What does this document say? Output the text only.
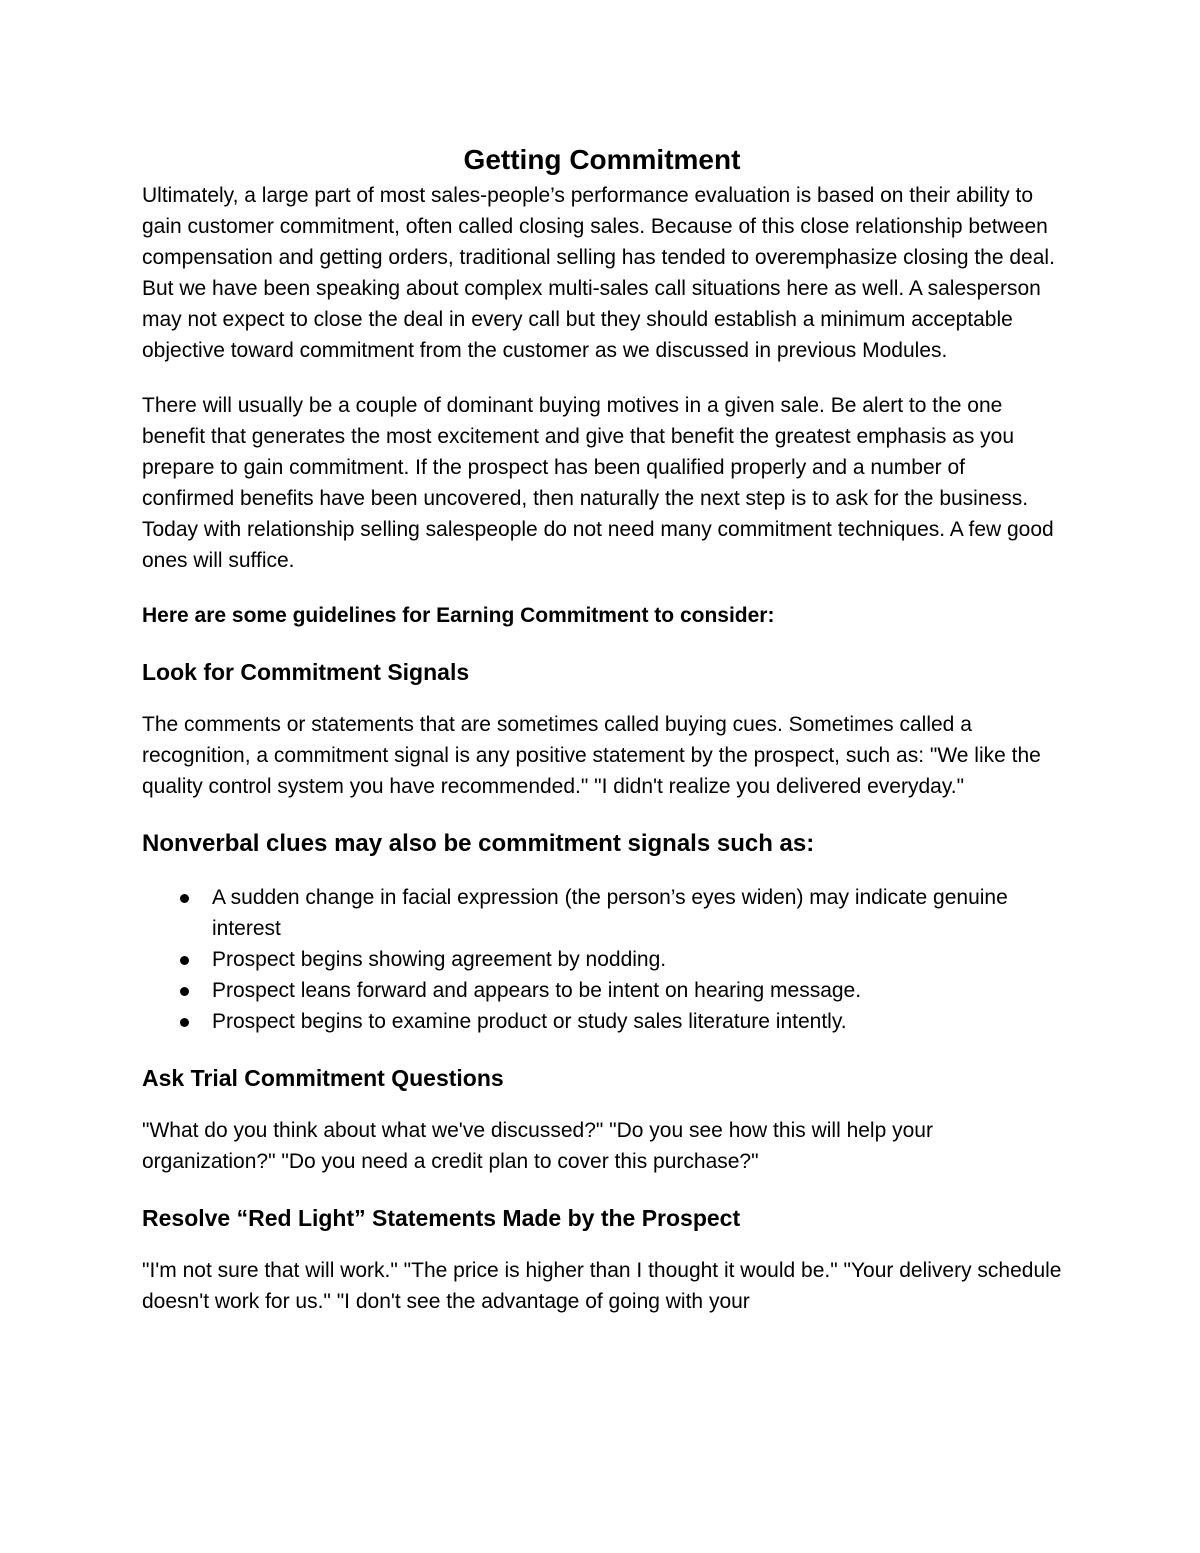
Getting Commitment

Ultimately, a large part of most sales-people’s performance evaluation is based on their ability to gain customer commitment, often called closing sales. Because of this close relationship between compensation and getting orders, traditional selling has tended to overemphasize closing the deal. But we have been speaking about complex multi-sales call situations here as well. A salesperson may not expect to close the deal in every call but they should establish a minimum acceptable objective toward commitment from the customer as we discussed in previous Modules.

There will usually be a couple of dominant buying motives in a given sale. Be alert to the one benefit that generates the most excitement and give that benefit the greatest emphasis as you prepare to gain commitment. If the prospect has been qualified properly and a number of confirmed benefits have been uncovered, then naturally the next step is to ask for the business. Today with relationship selling salespeople do not need many commitment techniques. A few good ones will suffice.

Here are some guidelines for Earning Commitment to consider:

Look for Commitment Signals

The comments or statements that are sometimes called buying cues. Sometimes called a recognition, a commitment signal is any positive statement by the prospect, such as: "We like the quality control system you have recommended." "I didn't realize you delivered everyday."

Nonverbal clues may also be commitment signals such as:
A sudden change in facial expression (the person’s eyes widen) may indicate genuine interest
Prospect begins showing agreement by nodding.
Prospect leans forward and appears to be intent on hearing message.
Prospect begins to examine product or study sales literature intently.
Ask Trial Commitment Questions

"What do you think about what we've discussed?" "Do you see how this will help your organization?" "Do you need a credit plan to cover this purchase?"

Resolve “Red Light” Statements Made by the Prospect

"I'm not sure that will work." "The price is higher than I thought it would be." "Your delivery schedule doesn't work for us." "I don't see the advantage of going with your
